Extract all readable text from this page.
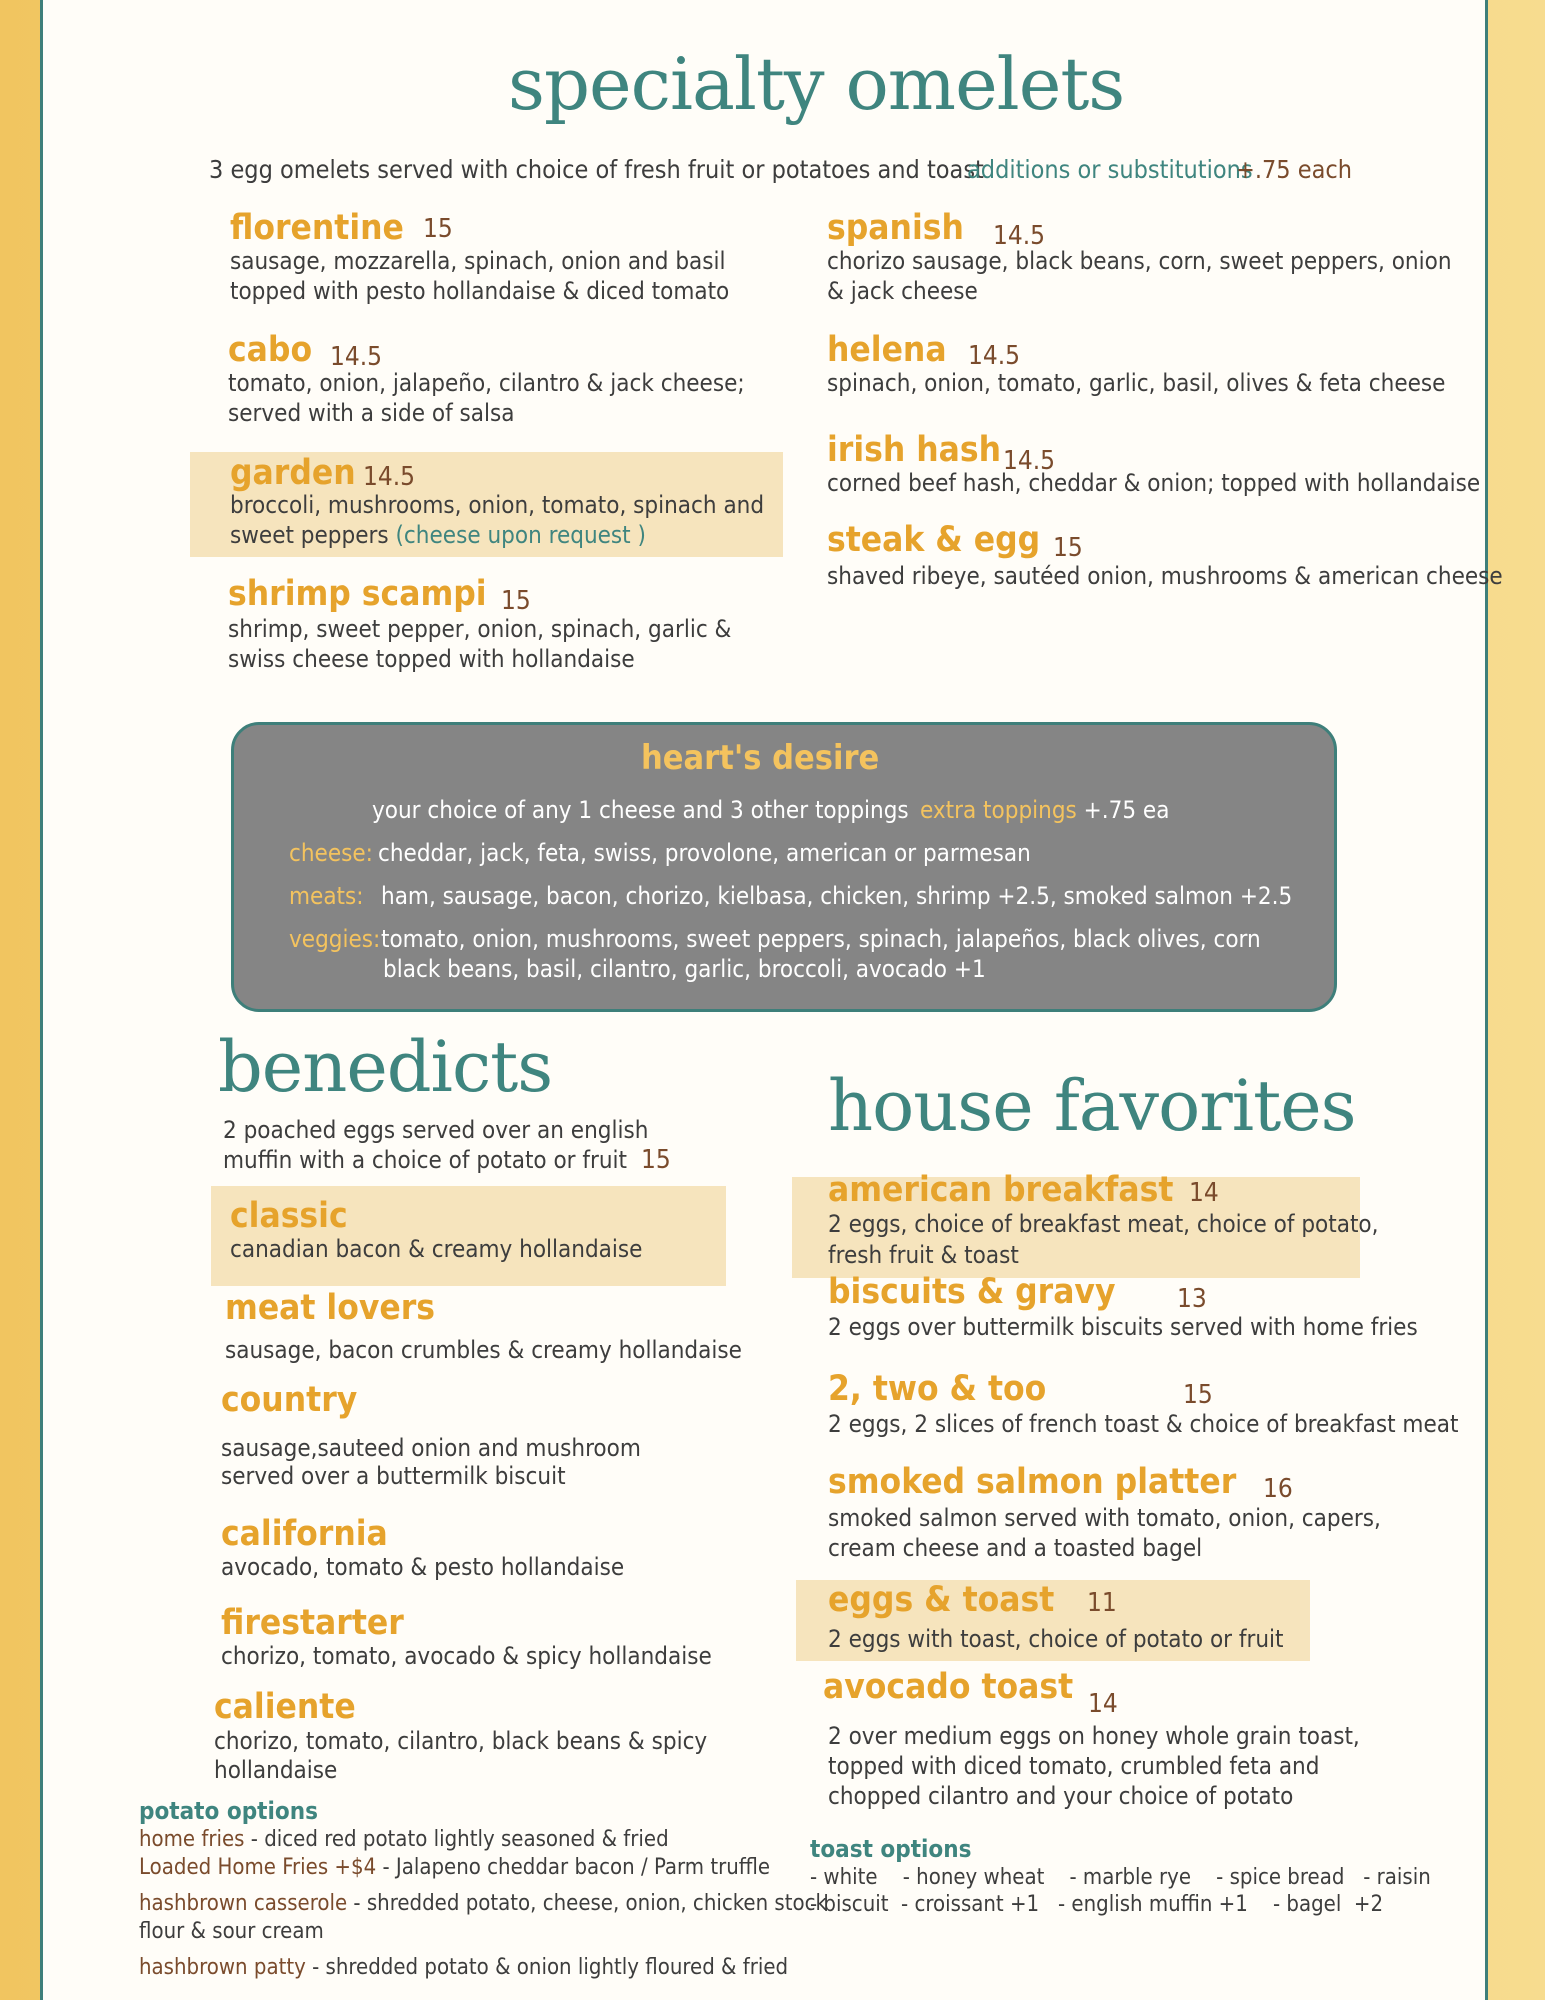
specialty omelets
3 egg omelets served with choice of fresh fruit or potatoes and toast
additions or substitutions
+.75 each
florentine 15
sausage, mozzarella, spinach, onion and basil
topped with pesto hollandaise & diced tomato
cabo 14.5
tomato, onion, jalapeño, cilantro & jack cheese;
served with a side of salsa
garden 14.5
broccoli, mushrooms, onion, tomato, spinach and
sweet peppers (cheese upon request )
shrimp scampi 15
shrimp, sweet pepper, onion, spinach, garlic &
swiss cheese topped with hollandaise
spanish 14.5
chorizo sausage, black beans, corn, sweet peppers, onion
& jack cheese
helena 14.5
spinach, onion, tomato, garlic, basil, olives & feta cheese
irish hash 14.5
corned beef hash, cheddar & onion; topped with hollandaise
steak & egg 15
shaved ribeye, sautéed onion, mushrooms & american cheese
heart's desire
your choice of any 1 cheese and 3 other toppings extra toppings +.75 ea
cheese: cheddar, jack, feta, swiss, provolone, american or parmesan
meats: ham, sausage, bacon, chorizo, kielbasa, chicken, shrimp +2.5, smoked salmon +2.5
veggies: tomato, onion, mushrooms, sweet peppers, spinach, jalapeños, black olives, corn
black beans, basil, cilantro, garlic, broccoli, avocado +1
benedicts
2 poached eggs served over an english
muffin with a choice of potato or fruit 15
classic
canadian bacon & creamy hollandaise
meat lovers
sausage, bacon crumbles & creamy hollandaise
country
sausage,sauteed onion and mushroom
served over a buttermilk biscuit
california
avocado, tomato & pesto hollandaise
firestarter
chorizo, tomato, avocado & spicy hollandaise
caliente
chorizo, tomato, cilantro, black beans & spicy
hollandaise
potato options
home fries - diced red potato lightly seasoned & fried
Loaded Home Fries +$4 - Jalapeno cheddar bacon / Parm truffle
hashbrown casserole - shredded potato, cheese, onion, chicken stock
flour & sour cream
hashbrown patty - shredded potato & onion lightly floured & fried
house favorites
american breakfast 14
2 eggs, choice of breakfast meat, choice of potato,
fresh fruit & toast
biscuits & gravy 13
2 eggs over buttermilk biscuits served with home fries
2, two & too	15
2 eggs, 2 slices of french toast & choice of breakfast meat
smoked salmon platter 16
smoked salmon served with tomato, onion, capers,
cream cheese and a toasted bagel
eggs & toast 11
2 eggs with toast, choice of potato or fruit
avocado toast 14
2 over medium eggs on honey whole grain toast,
topped with diced tomato, crumbled feta and
chopped cilantro and your choice of potato
toast options
- white    - honey wheat    - marble rye    - spice bread   - raisin
- biscuit  - croissant +1   - english muffin +1    - bagel  +2
